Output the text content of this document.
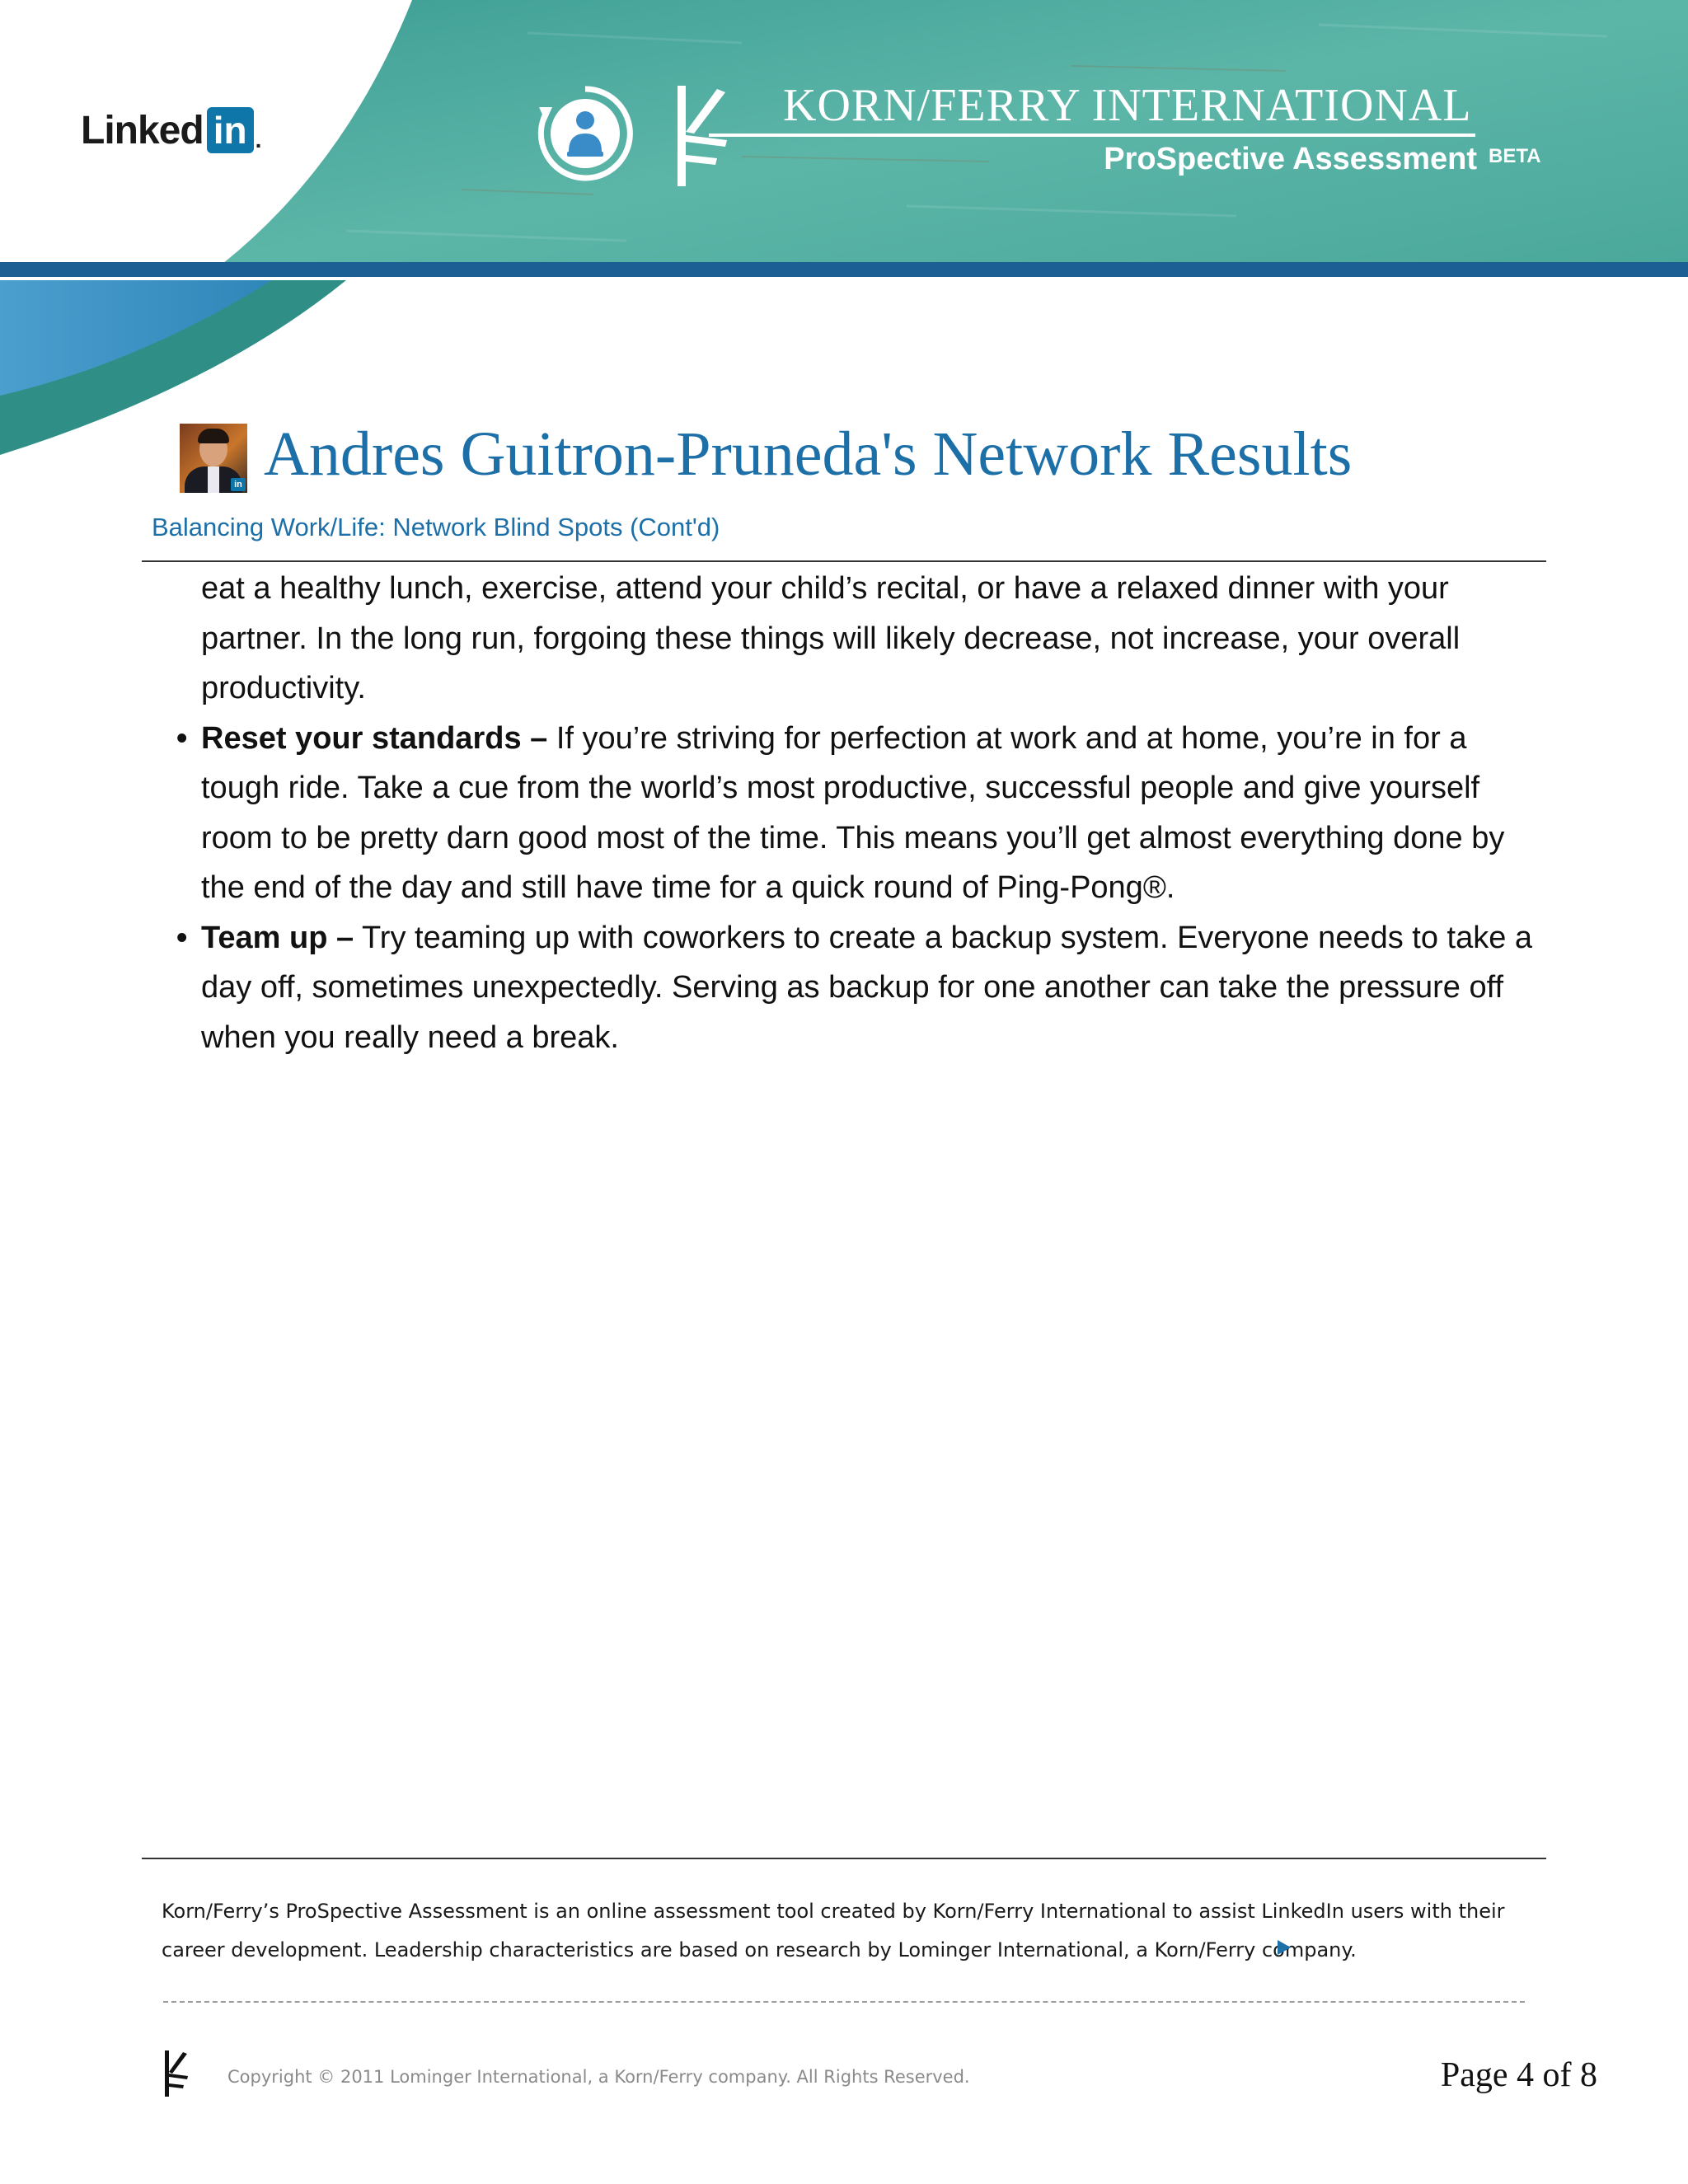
Linked in .
KORN/FERRY INTERNATIONAL
ProSpective Assessment BETA
in Andres Guitron-Pruneda's Network Results
Balancing Work/Life: Network Blind Spots (Cont'd)

eat a healthy lunch, exercise, attend your child’s recital, or have a relaxed dinner with your partner. In the long run, forgoing these things will likely decrease, not increase, your overall productivity.

• Reset your standards – If you’re striving for perfection at work and at home, you’re in for a tough ride. Take a cue from the world’s most productive, successful people and give yourself room to be pretty darn good most of the time. This means you’ll get almost everything done by the end of the day and still have time for a quick round of Ping-Pong®.

• Team up – Try teaming up with coworkers to create a backup system. Everyone needs to take a day off, sometimes unexpectedly. Serving as backup for one another can take the pressure off when you really need a break.

Korn/Ferry’s ProSpective Assessment is an online assessment tool created by Korn/Ferry International to assist LinkedIn users with their career development. Leadership characteristics are based on research by Lominger International, a Korn/Ferry company.
Copyright © 2011 Lominger International, a Korn/Ferry company. All Rights Reserved.	Page 4 of 8
